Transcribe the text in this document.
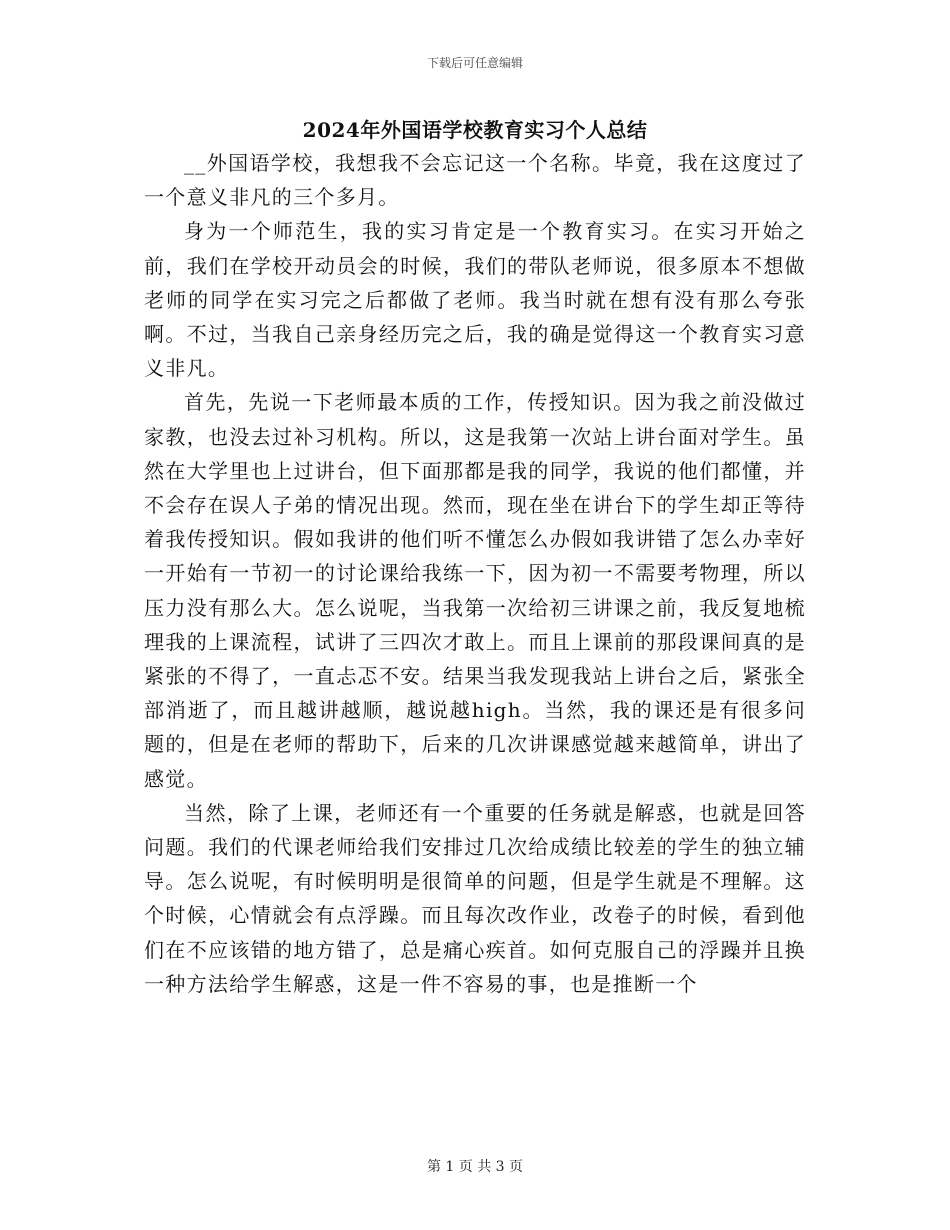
下载后可任意编辑
2024年外国语学校教育实习个人总结

__外国语学校，我想我不会忘记这一个名称。毕竟，我在这度过了一个意义非凡的三个多月。

身为一个师范生，我的实习肯定是一个教育实习。在实习开始之前，我们在学校开动员会的时候，我们的带队老师说，很多原本不想做老师的同学在实习完之后都做了老师。我当时就在想有没有那么夸张啊。不过，当我自己亲身经历完之后，我的确是觉得这一个教育实习意义非凡。

首先，先说一下老师最本质的工作，传授知识。因为我之前没做过家教，也没去过补习机构。所以，这是我第一次站上讲台面对学生。虽然在大学里也上过讲台，但下面那都是我的同学，我说的他们都懂，并不会存在误人子弟的情况出现。然而，现在坐在讲台下的学生却正等待着我传授知识。假如我讲的他们听不懂怎么办假如我讲错了怎么办幸好一开始有一节初一的讨论课给我练一下，因为初一不需要考物理，所以压力没有那么大。怎么说呢，当我第一次给初三讲课之前，我反复地梳理我的上课流程，试讲了三四次才敢上。而且上课前的那段课间真的是紧张的不得了，一直忐忑不安。结果当我发现我站上讲台之后，紧张全部消逝了，而且越讲越顺，越说越high。当然，我的课还是有很多问题的，但是在老师的帮助下，后来的几次讲课感觉越来越简单，讲出了感觉。

当然，除了上课，老师还有一个重要的任务就是解惑，也就是回答问题。我们的代课老师给我们安排过几次给成绩比较差的学生的独立辅导。怎么说呢，有时候明明是很简单的问题，但是学生就是不理解。这个时候，心情就会有点浮躁。而且每次改作业，改卷子的时候，看到他们在不应该错的地方错了，总是痛心疾首。如何克服自己的浮躁并且换一种方法给学生解惑，这是一件不容易的事，也是推断一个

第 1 页 共 3 页
